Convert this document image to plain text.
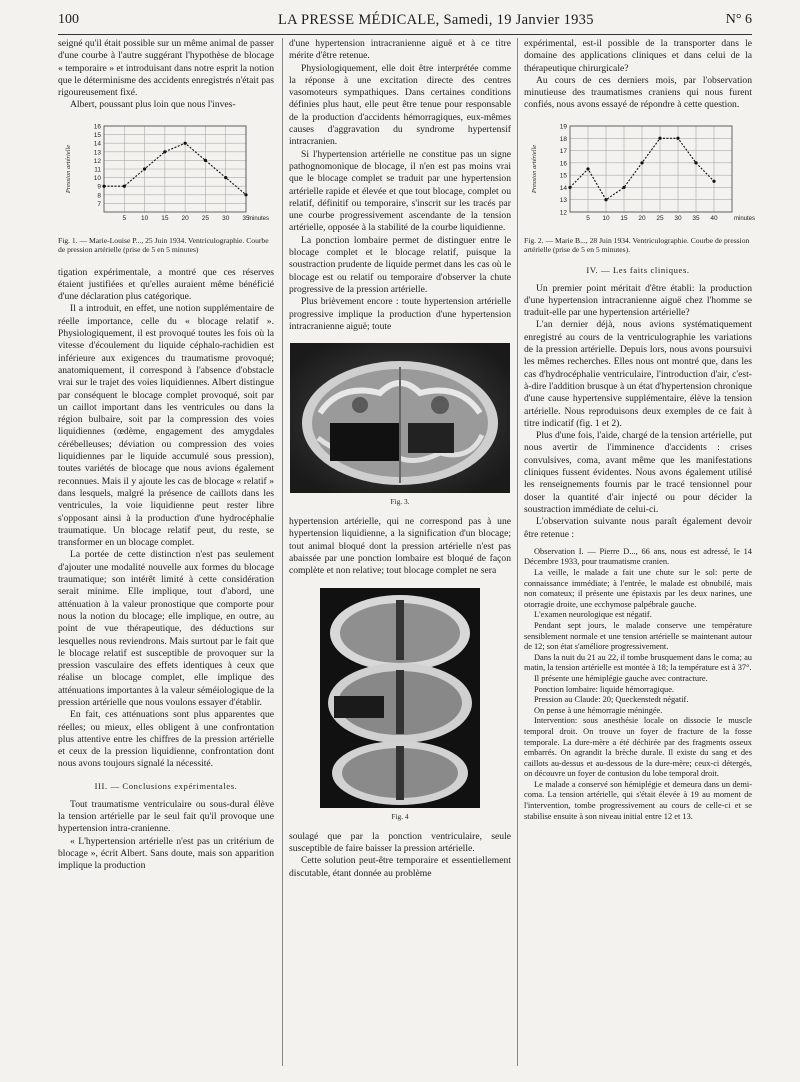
100	LA PRESSE MÉDICALE, Samedi, 19 Janvier 1935	N° 6

seigné qu'il était possible sur un même animal de passer d'une courbe à l'autre suggérant l'hypothèse de blocage « temporaire » et introduisant dans notre esprit la notion que le déterminisme des accidents enregistrés n'était pas rigoureusement fixé.

Albert, poussant plus loin que nous l'inves-

7
8
9
10
11
12
13
14
15
16
5 10 15 20 25 30 35
Pression artérielle
minutes

Fig. 1. — Marie-Louise P..., 25 Juin 1934. Ventriculographie. Courbe de pression artérielle (prise de 5 en 5 minutes)

tigation expérimentale, a montré que ces réserves étaient justifiées et qu'elles auraient même bénéficié d'une déclaration plus catégorique.

Il a introduit, en effet, une notion supplémentaire de réelle importance, celle du « blocage relatif ». Physiologiquement, il est provoqué toutes les fois où la vitesse d'écoulement du liquide céphalo-rachidien est inférieure aux exigences du traumatisme provoqué; anatomiquement, il correspond à l'absence d'obstacle vrai sur le trajet des voies liquidiennes. Albert distingue par conséquent le blocage complet provoqué, soit par un caillot important dans les ventricules ou dans la région bulbaire, soit par la compression des voies liquidiennes (œdème, engagement des amygdales cérébelleuses; déviation ou compression des voies liquidiennes par le liquide accumulé sous pression), toutes variétés de blocage que nous avions également reconnues. Mais il y ajoute les cas de blocage « relatif » dans lesquels, malgré la présence de caillots dans les ventricules, la voie liquidienne peut rester libre s'opposant ainsi à la production d'une hydrocéphalie traumatique. Un blocage relatif peut, du reste, se transformer en un blocage complet.

La portée de cette distinction n'est pas seulement d'ajouter une modalité nouvelle aux formes du blocage traumatique; son intérêt limité à cette considération serait minime. Elle implique, tout d'abord, une atténuation à la valeur pronostique que comporte pour nous la notion du blocage; elle implique, en outre, au point de vue thérapeutique, des déductions sur lesquelles nous reviendrons. Mais surtout par le fait que le blocage relatif est susceptible de provoquer sur la pression vasculaire des effets identiques à ceux que réalise un blocage complet, elle implique des atténuations importantes à la valeur séméiologique de la pression artérielle que nous voulons essayer d'établir.

En fait, ces atténuations sont plus apparentes que réelles; ou mieux, elles obligent à une confrontation plus attentive entre les chiffres de la pression artérielle et ceux de la pression liquidienne, confrontation dont nous avons toujours signalé la nécessité.

III. — Conclusions expérimentales.

Tout traumatisme ventriculaire ou sous-dural élève la tension artérielle par le seul fait qu'il provoque une hypertension intra-cranienne.

« L'hypertension artérielle n'est pas un critérium de blocage », écrit Albert. Sans doute, mais son apparition implique la production

d'une hypertension intracranienne aiguë et à ce titre mérite d'être retenue.

Physiologiquement, elle doit être interprétée comme la réponse à une excitation directe des centres vasomoteurs sympathiques. Dans certaines conditions définies plus haut, elle peut être tenue pour responsable de la production d'accidents hémorragiques, eux-mêmes causes d'aggravation du syndrome hypertensif intracranien.

Si l'hypertension artérielle ne constitue pas un signe pathognomonique de blocage, il n'en est pas moins vrai que le blocage complet se traduit par une hypertension artérielle rapide et élevée et que tout blocage, complet ou relatif, définitif ou temporaire, s'inscrit sur les tracés par une courbe progressivement ascendante de la tension artérielle, opposée à la stabilité de la courbe liquidienne.

La ponction lombaire permet de distinguer entre le blocage complet et le blocage relatif, puisque la soustraction prudente de liquide permet dans les cas où le blocage est ou relatif ou temporaire d'observer la chute progressive de la pression artérielle.

Plus brièvement encore : toute hypertension artérielle progressive implique la production d'une hypertension intracranienne aiguë; toute

Fig. 3.

hypertension artérielle, qui ne correspond pas à une hypertension liquidienne, a la signification d'un blocage; tout animal bloqué dont la pression artérielle n'est pas abaissée par une ponction lombaire est bloqué de façon complète et non relative; tout blocage complet ne sera

Fig. 4

soulagé que par la ponction ventriculaire, seule susceptible de faire baisser la pression artérielle.

Cette solution peut-être temporaire et essentiellement discutable, étant donnée au problème

expérimental, est-il possible de la transporter dans le domaine des applications cliniques et dans celui de la thérapeutique chirurgicale?

Au cours de ces derniers mois, par l'observation minutieuse des traumatismes craniens qui nous furent confiés, nous avons essayé de répondre à cette question.

12
13
14
15
16
17
18
19
5 10 15 20 25 30 35 40
Pression artérielle
minutes

Fig. 2. — Marie B..., 28 Juin 1934. Ventriculographie. Courbe de pression artérielle (prise de 5 en 5 minutes).

IV. — Les faits cliniques.

Un premier point méritait d'être établi: la production d'une hypertension intracranienne aiguë chez l'homme se traduit-elle par une hypertension artérielle?

L'an dernier déjà, nous avions systématiquement enregistré au cours de la ventriculographie les variations de la pression artérielle. Depuis lors, nous avons poursuivi les mêmes recherches. Elles nous ont montré que, dans les cas d'hydrocéphalie ventriculaire, l'introduction d'air, c'est-à-dire l'addition brusque à un état d'hypertension chronique d'une cause hypertensive supplémentaire, élève la tension artérielle. Nous reproduisons deux exemples de ce fait à titre indicatif (fig. 1 et 2).

Plus d'une fois, l'aide, chargé de la tension artérielle, put nous avertir de l'imminence d'accidents : crises convulsives, coma, avant même que les manifestations cliniques fussent évidentes. Nous avons également utilisé les renseignements fournis par le tracé tensionnel pour doser la quantité d'air injecté ou pour décider la soustraction immédiate de celui-ci.

L'observation suivante nous paraît également devoir être retenue :

Observation I. — Pierre D..., 66 ans, nous est adressé, le 14 Décembre 1933, pour traumatisme cranien.

La veille, le malade a fait une chute sur le sol: perte de connaissance immédiate; à l'entrée, le malade est obnubilé, mais non comateux; il présente une épistaxis par les deux narines, une otorragie droite, une ecchymose palpébrale gauche.

L'examen neurologique est négatif.

Pendant sept jours, le malade conserve une température sensiblement normale et une tension artérielle se maintenant autour de 12; son état s'améliore progressivement.

Dans la nuit du 21 au 22, il tombe brusquement dans le coma; au matin, la tension artérielle est montée à 18; la température est à 37°.

Il présente une hémiplégie gauche avec contracture.

Ponction lombaire: liquide hémorragique.

Pression au Claude: 20; Queckenstedt négatif.

On pense à une hémorragie méningée.

Intervention: sous anesthésie locale on dissocie le muscle temporal droit. On trouve un foyer de fracture de la fosse temporale. La dure-mère a été déchirée par des fragments osseux embarrés. On agrandit la brèche durale. Il existe du sang et des caillots au-dessus et au-dessous de la dure-mère; ceux-ci détergés, on découvre un foyer de contusion du lobe temporal droit.

Le malade a conservé son hémiplégie et demeura dans un demi-coma. La tension artérielle, qui s'était élevée à 19 au moment de l'intervention, tombe progressivement au cours de celle-ci et se stabilise ensuite à son niveau initial entre 12 et 13.
